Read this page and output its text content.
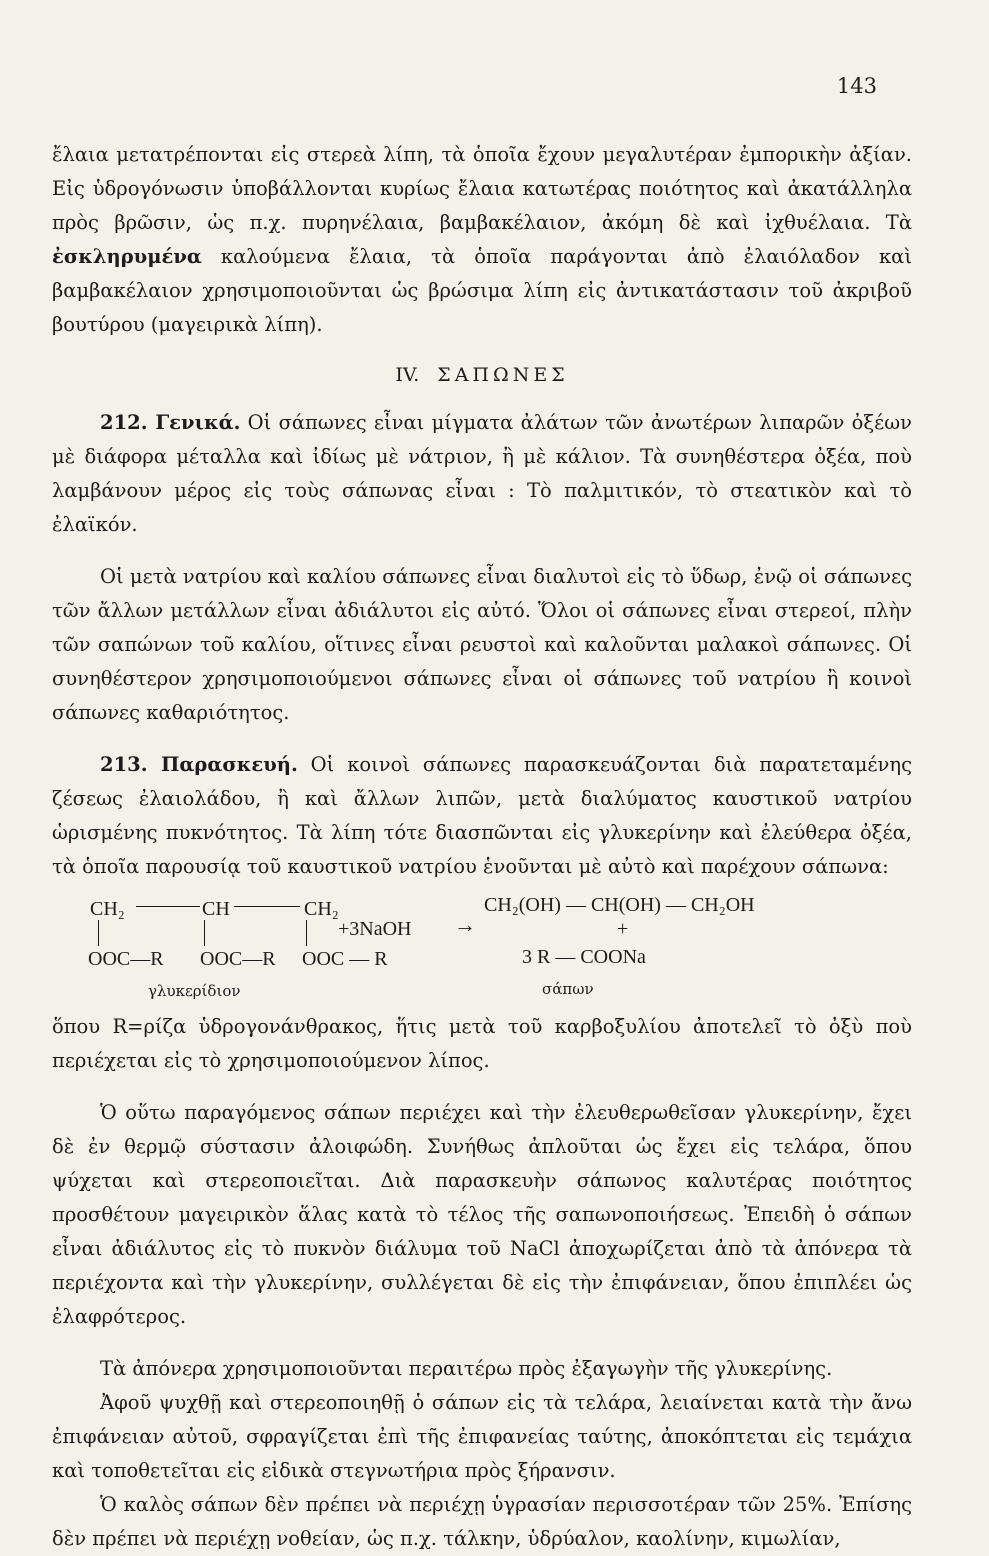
143

ἔλαια μετατρέπονται εἰς στερεὰ λίπη, τὰ ὁποῖα ἔχουν μεγαλυτέραν ἐμπορικὴν ἀξίαν. Εἰς ὑδρογόνωσιν ὑποβάλλονται κυρίως ἔλαια κατωτέρας ποιότητος καὶ ἀκατάλληλα πρὸς βρῶσιν, ὡς π.χ. πυρηνέλαια, βαμβακέλαιον, ἀκόμη δὲ καὶ ἰχθυέλαια. Τὰ ἐσκληρυμένα καλούμενα ἔλαια, τὰ ὁποῖα παράγονται ἀπὸ ἐλαιόλαδον καὶ βαμβακέλαιον χρησιμοποιοῦνται ὡς βρώσιμα λίπη εἰς ἀντικατάστασιν τοῦ ἀκριβοῦ βουτύρου (μαγειρικὰ λίπη).

IV. ΣΑΠΩΝΕΣ

212. Γενικά. Οἱ σάπωνες εἶναι μίγματα ἀλάτων τῶν ἀνωτέρων λιπαρῶν ὀξέων μὲ διάφορα μέταλλα καὶ ἰδίως μὲ νάτριον, ἢ μὲ κάλιον. Τὰ συνηθέστερα ὀξέα, ποὺ λαμβάνουν μέρος εἰς τοὺς σάπωνας εἶναι : Τὸ παλμιτικόν, τὸ στεατικὸν καὶ τὸ ἐλαϊκόν.

Οἱ μετὰ νατρίου καὶ καλίου σάπωνες εἶναι διαλυτοὶ εἰς τὸ ὕδωρ, ἐνῷ οἱ σάπωνες τῶν ἄλλων μετάλλων εἶναι ἀδιάλυτοι εἰς αὐτό. Ὅλοι οἱ σάπωνες εἶναι στερεοί, πλὴν τῶν σαπώνων τοῦ καλίου, οἵτινες εἶναι ρευστοὶ καὶ καλοῦνται μαλακοὶ σάπωνες. Οἱ συνηθέστερον χρησιμοποιούμενοι σάπωνες εἶναι οἱ σάπωνες τοῦ νατρίου ἢ κοινοὶ σάπωνες καθαριότητος.

213. Παρασκευή. Οἱ κοινοὶ σάπωνες παρασκευάζονται διὰ παρατεταμένης ζέσεως ἐλαιολάδου, ἢ καὶ ἄλλων λιπῶν, μετὰ διαλύματος καυστικοῦ νατρίου ὡρισμένης πυκνότητος. Τὰ λίπη τότε διασπῶνται εἰς γλυκερίνην καὶ ἐλεύθερα ὀξέα, τὰ ὁποῖα παρουσίᾳ τοῦ καυστικοῦ νατρίου ἑνοῦνται μὲ αὐτὸ καὶ παρέχουν σάπωνα:

CH₂	CH	CH₂
+3NaOH →
OOC—R OOC—R OOC — R
γλυκερίδιον
CH₂(OH) — CH(OH) — CH₂OH
+
3 R — COONa
σάπων

ὅπου R=ρίζα ὑδρογονάνθρακος, ἥτις μετὰ τοῦ καρβοξυλίου ἀποτελεῖ τὸ ὀξὺ ποὺ περιέχεται εἰς τὸ χρησιμοποιούμενον λίπος.

Ὁ οὕτω παραγόμενος σάπων περιέχει καὶ τὴν ἐλευθερωθεῖσαν γλυκερίνην, ἔχει δὲ ἐν θερμῷ σύστασιν ἀλοιφώδη. Συνήθως ἀπλοῦται ὡς ἔχει εἰς τελάρα, ὅπου ψύχεται καὶ στερεοποιεῖται. Διὰ παρασκευὴν σάπωνος καλυτέρας ποιότητος προσθέτουν μαγειρικὸν ἅλας κατὰ τὸ τέλος τῆς σαπωνοποιήσεως. Ἐπειδὴ ὁ σάπων εἶναι ἀδιάλυτος εἰς τὸ πυκνὸν διάλυμα τοῦ NaCl ἀποχωρίζεται ἀπὸ τὰ ἀπόνερα τὰ περιέχοντα καὶ τὴν γλυκερίνην, συλλέγεται δὲ εἰς τὴν ἐπιφάνειαν, ὅπου ἐπιπλέει ὡς ἐλαφρότερος.

Τὰ ἀπόνερα χρησιμοποιοῦνται περαιτέρω πρὸς ἐξαγωγὴν τῆς γλυκερίνης.

Ἀφοῦ ψυχθῇ καὶ στερεοποιηθῇ ὁ σάπων εἰς τὰ τελάρα, λειαίνεται κατὰ τὴν ἄνω ἐπιφάνειαν αὐτοῦ, σφραγίζεται ἐπὶ τῆς ἐπιφανείας ταύτης, ἀποκόπτεται εἰς τεμάχια καὶ τοποθετεῖται εἰς εἰδικὰ στεγνωτήρια πρὸς ξήρανσιν.

Ὁ καλὸς σάπων δὲν πρέπει νὰ περιέχῃ ὑγρασίαν περισσοτέραν τῶν 25%. Ἐπίσης δὲν πρέπει νὰ περιέχῃ νοθείαν, ὡς π.χ. τάλκην, ὑδρύαλον, καολίνην, κιμωλίαν,
